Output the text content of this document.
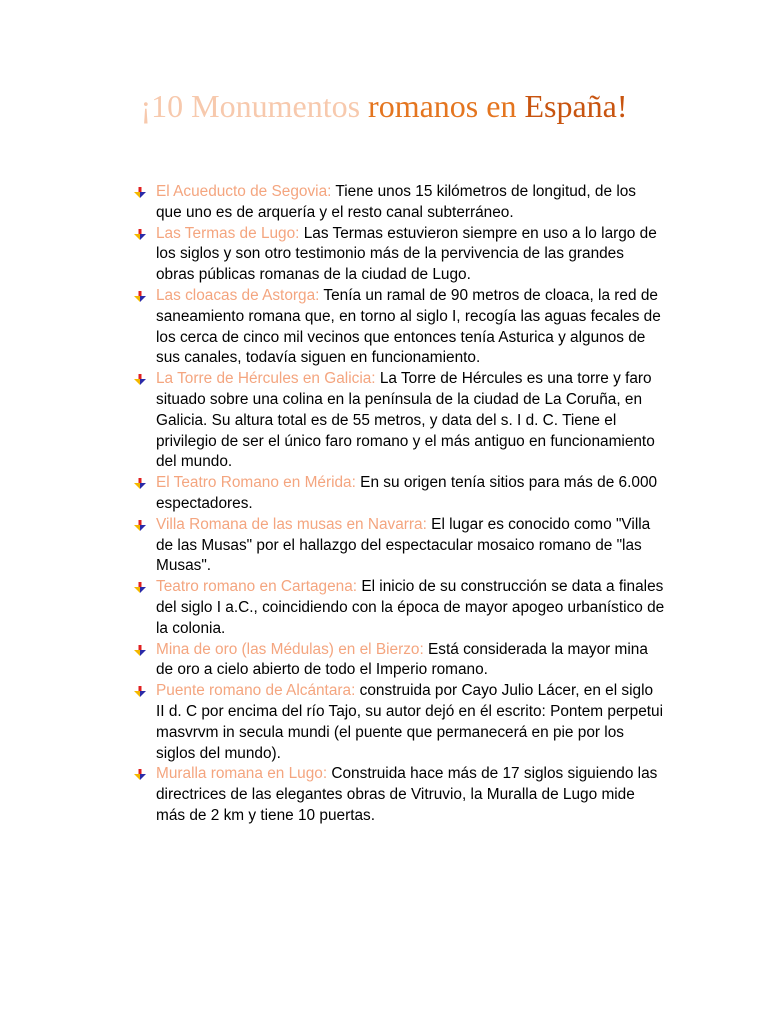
¡10 Monumentos romanos en España!
El Acueducto de Segovia: Tiene unos 15 kilómetros de longitud, de los que uno es de arquería y el resto canal subterráneo.
Las Termas de Lugo: Las Termas estuvieron siempre en uso a lo largo de los siglos y son otro testimonio más de la pervivencia de las grandes obras públicas romanas de la ciudad de Lugo.
Las cloacas de Astorga: Tenía un ramal de 90 metros de cloaca, la red de saneamiento romana que, en torno al siglo I, recogía las aguas fecales de los cerca de cinco mil vecinos que entonces tenía Asturica y algunos de sus canales, todavía siguen en funcionamiento.
La Torre de Hércules en Galicia: La Torre de Hércules es una torre y faro situado sobre una colina en la península de la ciudad de La Coruña, en Galicia. Su altura total es de 55 metros, y data del s. I d. C. Tiene el privilegio de ser el único faro romano y el más antiguo en funcionamiento del mundo.
El Teatro Romano en Mérida: En su origen tenía sitios para más de 6.000 espectadores.
Villa Romana de las musas en Navarra: El lugar es conocido como "Villa de las Musas" por el hallazgo del espectacular mosaico romano de "las Musas".
Teatro romano en Cartagena: El inicio de su construcción se data a finales del siglo I a.C., coincidiendo con la época de mayor apogeo urbanístico de la colonia.
Mina de oro (las Médulas) en el Bierzo: Está considerada la mayor mina de oro a cielo abierto de todo el Imperio romano.
Puente romano de Alcántara: construida por Cayo Julio Lácer, en el siglo II d. C por encima del río Tajo, su autor dejó en él escrito: Pontem perpetui masvrvm in secula mundi (el puente que permanecerá en pie por los siglos del mundo).
Muralla romana en Lugo: Construida hace más de 17 siglos siguiendo las directrices de las elegantes obras de Vitruvio, la Muralla de Lugo mide más de 2 km y tiene 10 puertas.
